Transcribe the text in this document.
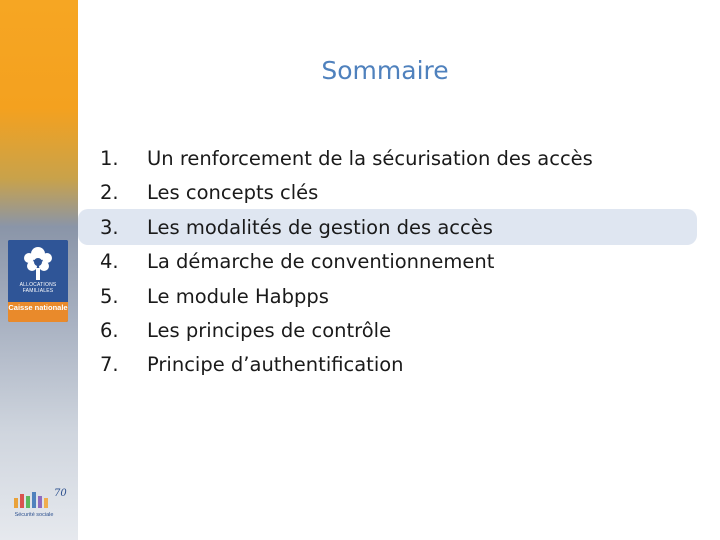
ALLOCATIONS FAMILIALES
Caisse nationale
70
Sécurité sociale
Sommaire
1.	Un renforcement de la sécurisation des accès
2.	Les concepts clés
3.	Les modalités de gestion des accès
4.	La démarche de conventionnement
5.	Le module Habpps
6.	Les principes de contrôle
7.	Principe d’authentification
